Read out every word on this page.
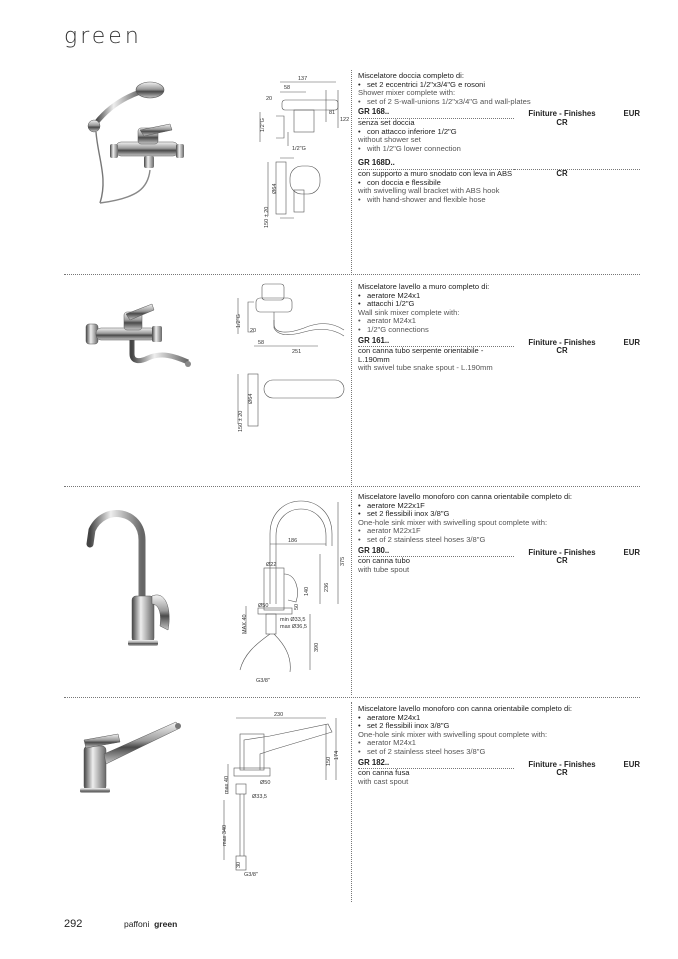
green
Miscelatore doccia completo di:
• set 2 eccentrici 1/2"x3/4"G e rosoni
Shower mixer complete with:
• set of 2 S-wall-unions 1/2"x3/4"G and wall-plates
GR 168..	Finiture - Finishes	EUR
senza set doccia
• con attacco inferiore 1/2"G
without shower set
• with 1/2"G lower connection
CR
GR 168D..
con supporto a muro snodato con leva in ABS
• con doccia e flessibile
with swivelling wall bracket with ABS hook
• with hand-shower and flexible hose
CR
137
58
20
81
122
1/2"G
1/2"G
150 ± 20
Ø64
Miscelatore lavello a muro completo di:
• aeratore M24x1
• attacchi 1/2"G
Wall sink mixer complete with:
• aerator M24x1
• 1/2"G connections
GR 161..	Finiture - Finishes	EUR
con canna tubo serpente orientabile - L.190mm
with swivel tube snake spout - L.190mm
CR
1/2"G
20
58
251
150 ± 20
Ø64
Miscelatore lavello monoforo con canna orientabile completo di:
• aeratore M22x1F
• set 2 flessibili inox 3/8"G
One-hole sink mixer with swivelling spout complete with:
• aerator M22x1F
• set of 2 stainless steel hoses 3/8"G
GR 180..	Finiture - Finishes	EUR
con canna tubo
with tube spout
CR
186
375
236
Ø22
140
50
Ø50
MAX 40	min Ø33,5
max Ø36,5
390
G3/8"
Miscelatore lavello monoforo con canna orientabile completo di:
• aeratore M24x1
• set 2 flessibili inox 3/8"G
One-hole sink mixer with swivelling spout complete with:
• aerator M24x1
• set of 2 stainless steel hoses 3/8"G
GR 182..	Finiture - Finishes	EUR
con canna fusa
with cast spout
CR
230
150
174
max 40	Ø50
Ø33,5
max 340
30
G3/8"
292	paffoni green
